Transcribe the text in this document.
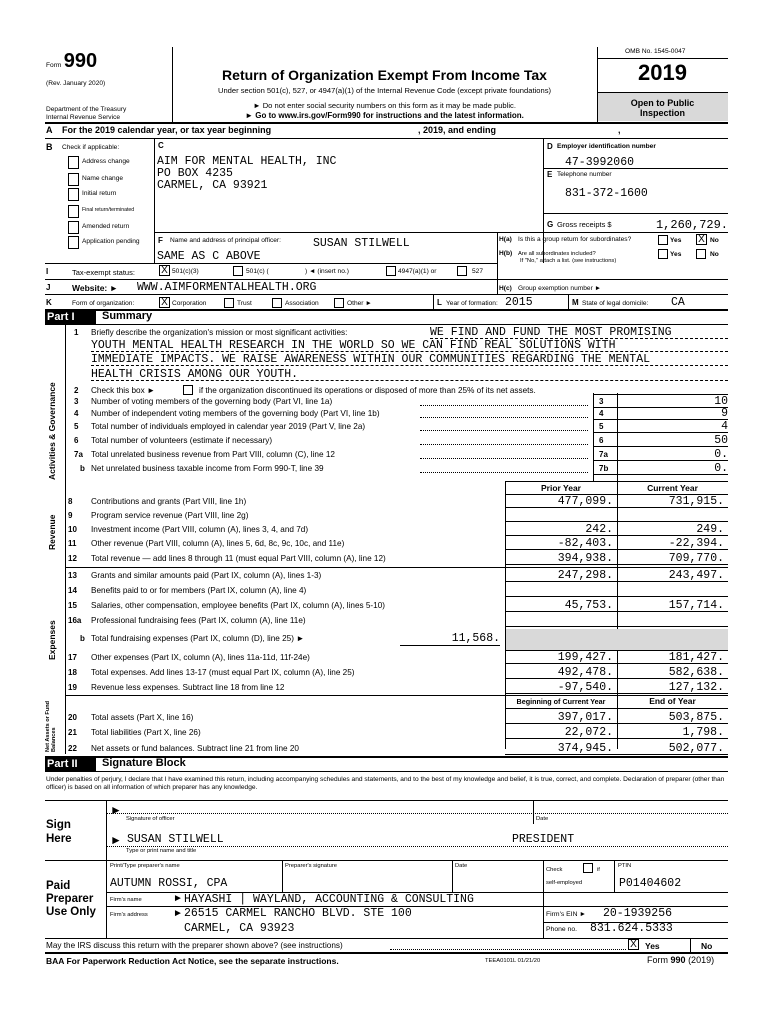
Form 990
(Rev. January 2020)
Department of the Treasury
Internal Revenue Service
Return of Organization Exempt From Income Tax
Under section 501(c), 527, or 4947(a)(1) of the Internal Revenue Code (except private foundations)
► Do not enter social security numbers on this form as it may be made public.
► Go to www.irs.gov/Form990 for instructions and the latest information.
OMB No. 1545-0047
2019
Open to Public
Inspection
A For the 2019 calendar year, or tax year beginning	, 2019, and ending	,
B Check if applicable:	C
AIM FOR MENTAL HEALTH, INC
PO BOX 4235
CARMEL, CA 93921
D Employer identification number
47-3992060
E Telephone number
831-372-1600
G Gross receipts $	1,260,729.
F Name and address of principal officer:	SUSAN STILWELL
SAME AS C ABOVE
H(a) Is this a group return for subordinates?	Yes X No
H(b) Are all subordinates included?
If "No," attach a list. (see instructions)
Yes	No
I	Tax-exempt status:	X 501(c)(3)	501(c) (	) ◄ (insert no.)	4947(a)(1) or	527
J	Website: ► WWW.AIMFORMENTALHEALTH.ORG	H(c) Group exemption number ►
K	Form of organization:	X Corporation	Trust	Association	Other ►	L Year of formation: 2015	M State of legal domicile: CA
Part I	Summary
Activities & Governance
Revenue
Expenses
Net Assets or Fund Balances
1 Briefly describe the organization's mission or most significant activities:	WE FIND AND FUND THE MOST PROMISING
YOUTH MENTAL HEALTH RESEARCH IN THE WORLD SO WE CAN FIND REAL SOLUTIONS WITH
IMMEDIATE IMPACTS. WE RAISE AWARENESS WITHIN OUR COMMUNITIES REGARDING THE MENTAL
HEALTH CRISIS AMONG OUR YOUTH.
2 Check this box ►	if the organization discontinued its operations or disposed of more than 25% of its net assets.
Prior Year	Current Year
Beginning of Current Year	End of Year
Part II	Signature Block
Under penalties of perjury, I declare that I have examined this return, including accompanying schedules and statements, and to the best of my knowledge and belief, it is true, correct, and complete. Declaration of preparer (other than officer) is based on all information of which preparer has any knowledge.
Sign
Here
►
Signature of officer	Date
► SUSAN STILWELL	PRESIDENT
Type or print name and title
Paid
Preparer
Use Only
Print/Type preparer's name	Preparer's signature	Date
Check	if
self-employed
PTIN
AUTUMN ROSSI, CPA	P01404602
Firm's name	► HAYASHI | WAYLAND, ACCOUNTING & CONSULTING
Firm's address	► 26515 CARMEL RANCHO BLVD. STE 100
CARMEL, CA 93923
Firm's EIN ► 20-1939256
Phone no. 831.624.5333
May the IRS discuss this return with the preparer shown above? (see instructions)	X Yes	No
BAA For Paperwork Reduction Act Notice, see the separate instructions.	TEEA0101L 01/21/20	Form 990 (2019)
Address change
Name change
Initial return
Final return/terminated
Amended return
Application pending
3 Number of voting members of the governing body (Part VI, line 1a)	3	10
4 Number of independent voting members of the governing body (Part VI, line 1b)	4	9
5 Total number of individuals employed in calendar year 2019 (Part V, line 2a)	5	4
6 Total number of volunteers (estimate if necessary)	6	50
7a Total unrelated business revenue from Part VIII, column (C), line 12	7a	0.
b Net unrelated business taxable income from Form 990-T, line 39	7b	0.
8 Contributions and grants (Part VIII, line 1h)	477,099.	731,915.
9 Program service revenue (Part VIII, line 2g)
10 Investment income (Part VIII, column (A), lines 3, 4, and 7d)	242.	249.
11 Other revenue (Part VIII, column (A), lines 5, 6d, 8c, 9c, 10c, and 11e)	-82,403.	-22,394.
12 Total revenue — add lines 8 through 11 (must equal Part VIII, column (A), line 12)	394,938.	709,770.
13 Grants and similar amounts paid (Part IX, column (A), lines 1-3)	247,298.	243,497.
14 Benefits paid to or for members (Part IX, column (A), line 4)
15 Salaries, other compensation, employee benefits (Part IX, column (A), lines 5-10)	45,753.	157,714.
16a Professional fundraising fees (Part IX, column (A), line 11e)
b Total fundraising expenses (Part IX, column (D), line 25) ►	11,568.
17 Other expenses (Part IX, column (A), lines 11a-11d, 11f-24e)	199,427.	181,427.
18 Total expenses. Add lines 13-17 (must equal Part IX, column (A), line 25)	492,478.	582,638.
19 Revenue less expenses. Subtract line 18 from line 12	-97,540.	127,132.
20 Total assets (Part X, line 16)	397,017.	503,875.
21 Total liabilities (Part X, line 26)	22,072.	1,798.
22 Net assets or fund balances. Subtract line 21 from line 20	374,945.	502,077.
